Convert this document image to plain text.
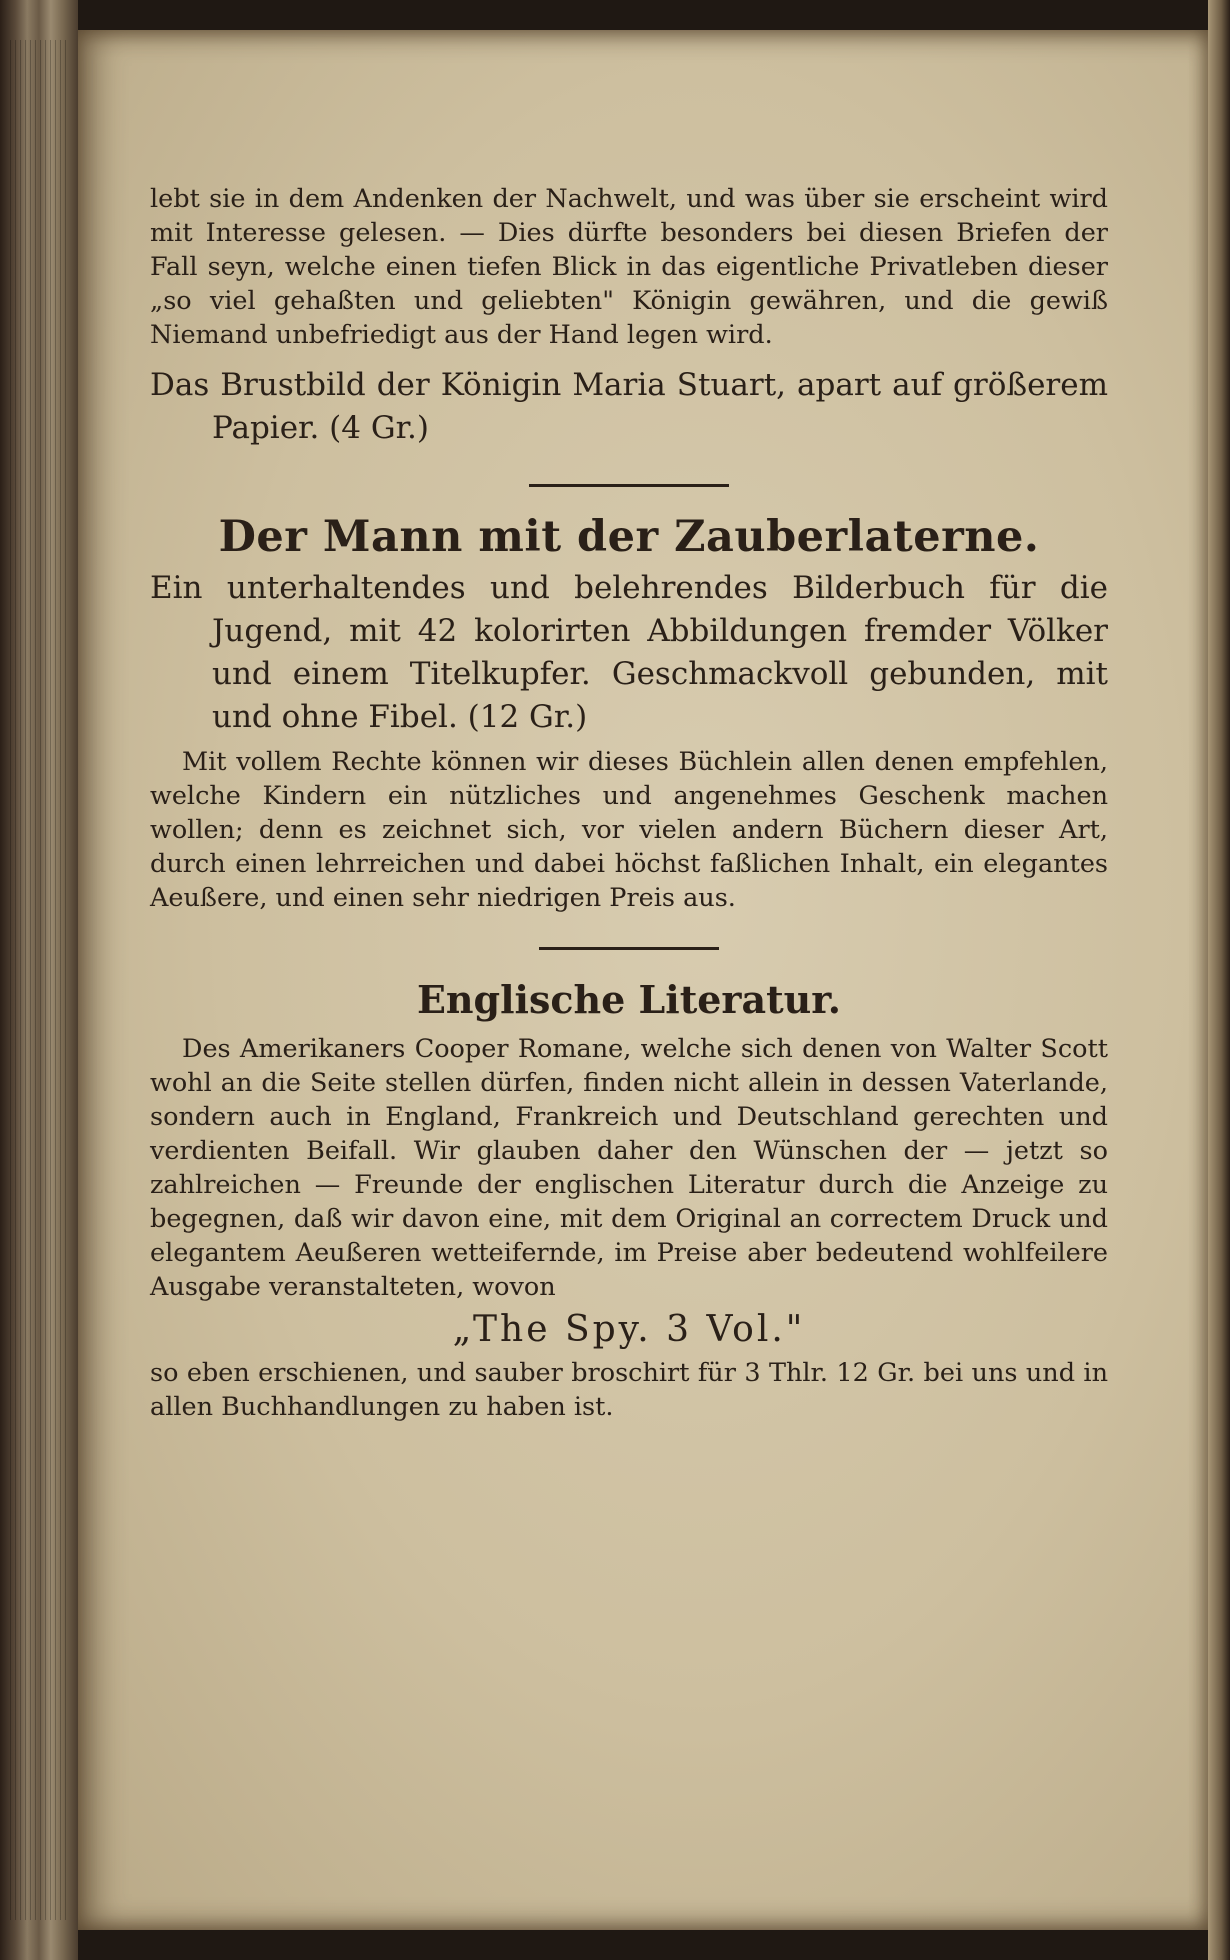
lebt sie in dem Andenken der Nachwelt, und was über sie erscheint wird mit Interesse gelesen. — Dies dürfte besonders bei diesen Briefen der Fall seyn, welche einen tiefen Blick in das eigentliche Privatleben dieser „so viel gehaßten und geliebten" Königin gewähren, und die gewiß Niemand unbefriedigt aus der Hand legen wird.

Das Brustbild der Königin Maria Stuart, apart auf größerem Papier. (4 Gr.)

Der Mann mit der Zauberlaterne.

Ein unterhaltendes und belehrendes Bilderbuch für die Jugend, mit 42 kolorirten Abbildungen fremder Völker und einem Titelkupfer. Geschmackvoll gebunden, mit und ohne Fibel. (12 Gr.)

Mit vollem Rechte können wir dieses Büchlein allen denen empfehlen, welche Kindern ein nützliches und angenehmes Geschenk machen wollen; denn es zeichnet sich, vor vielen andern Büchern dieser Art, durch einen lehrreichen und dabei höchst faßlichen Inhalt, ein elegantes Aeußere, und einen sehr niedrigen Preis aus.

Englische Literatur.

Des Amerikaners Cooper Romane, welche sich denen von Walter Scott wohl an die Seite stellen dürfen, finden nicht allein in dessen Vaterlande, sondern auch in England, Frankreich und Deutschland gerechten und verdienten Beifall. Wir glauben daher den Wünschen der — jetzt so zahlreichen — Freunde der englischen Literatur durch die Anzeige zu begegnen, daß wir davon eine, mit dem Original an correctem Druck und elegantem Aeußeren wetteifernde, im Preise aber bedeutend wohlfeilere Ausgabe veranstalteten, wovon

„The Spy. 3 Vol."

so eben erschienen, und sauber broschirt für 3 Thlr. 12 Gr. bei uns und in allen Buchhandlungen zu haben ist.
